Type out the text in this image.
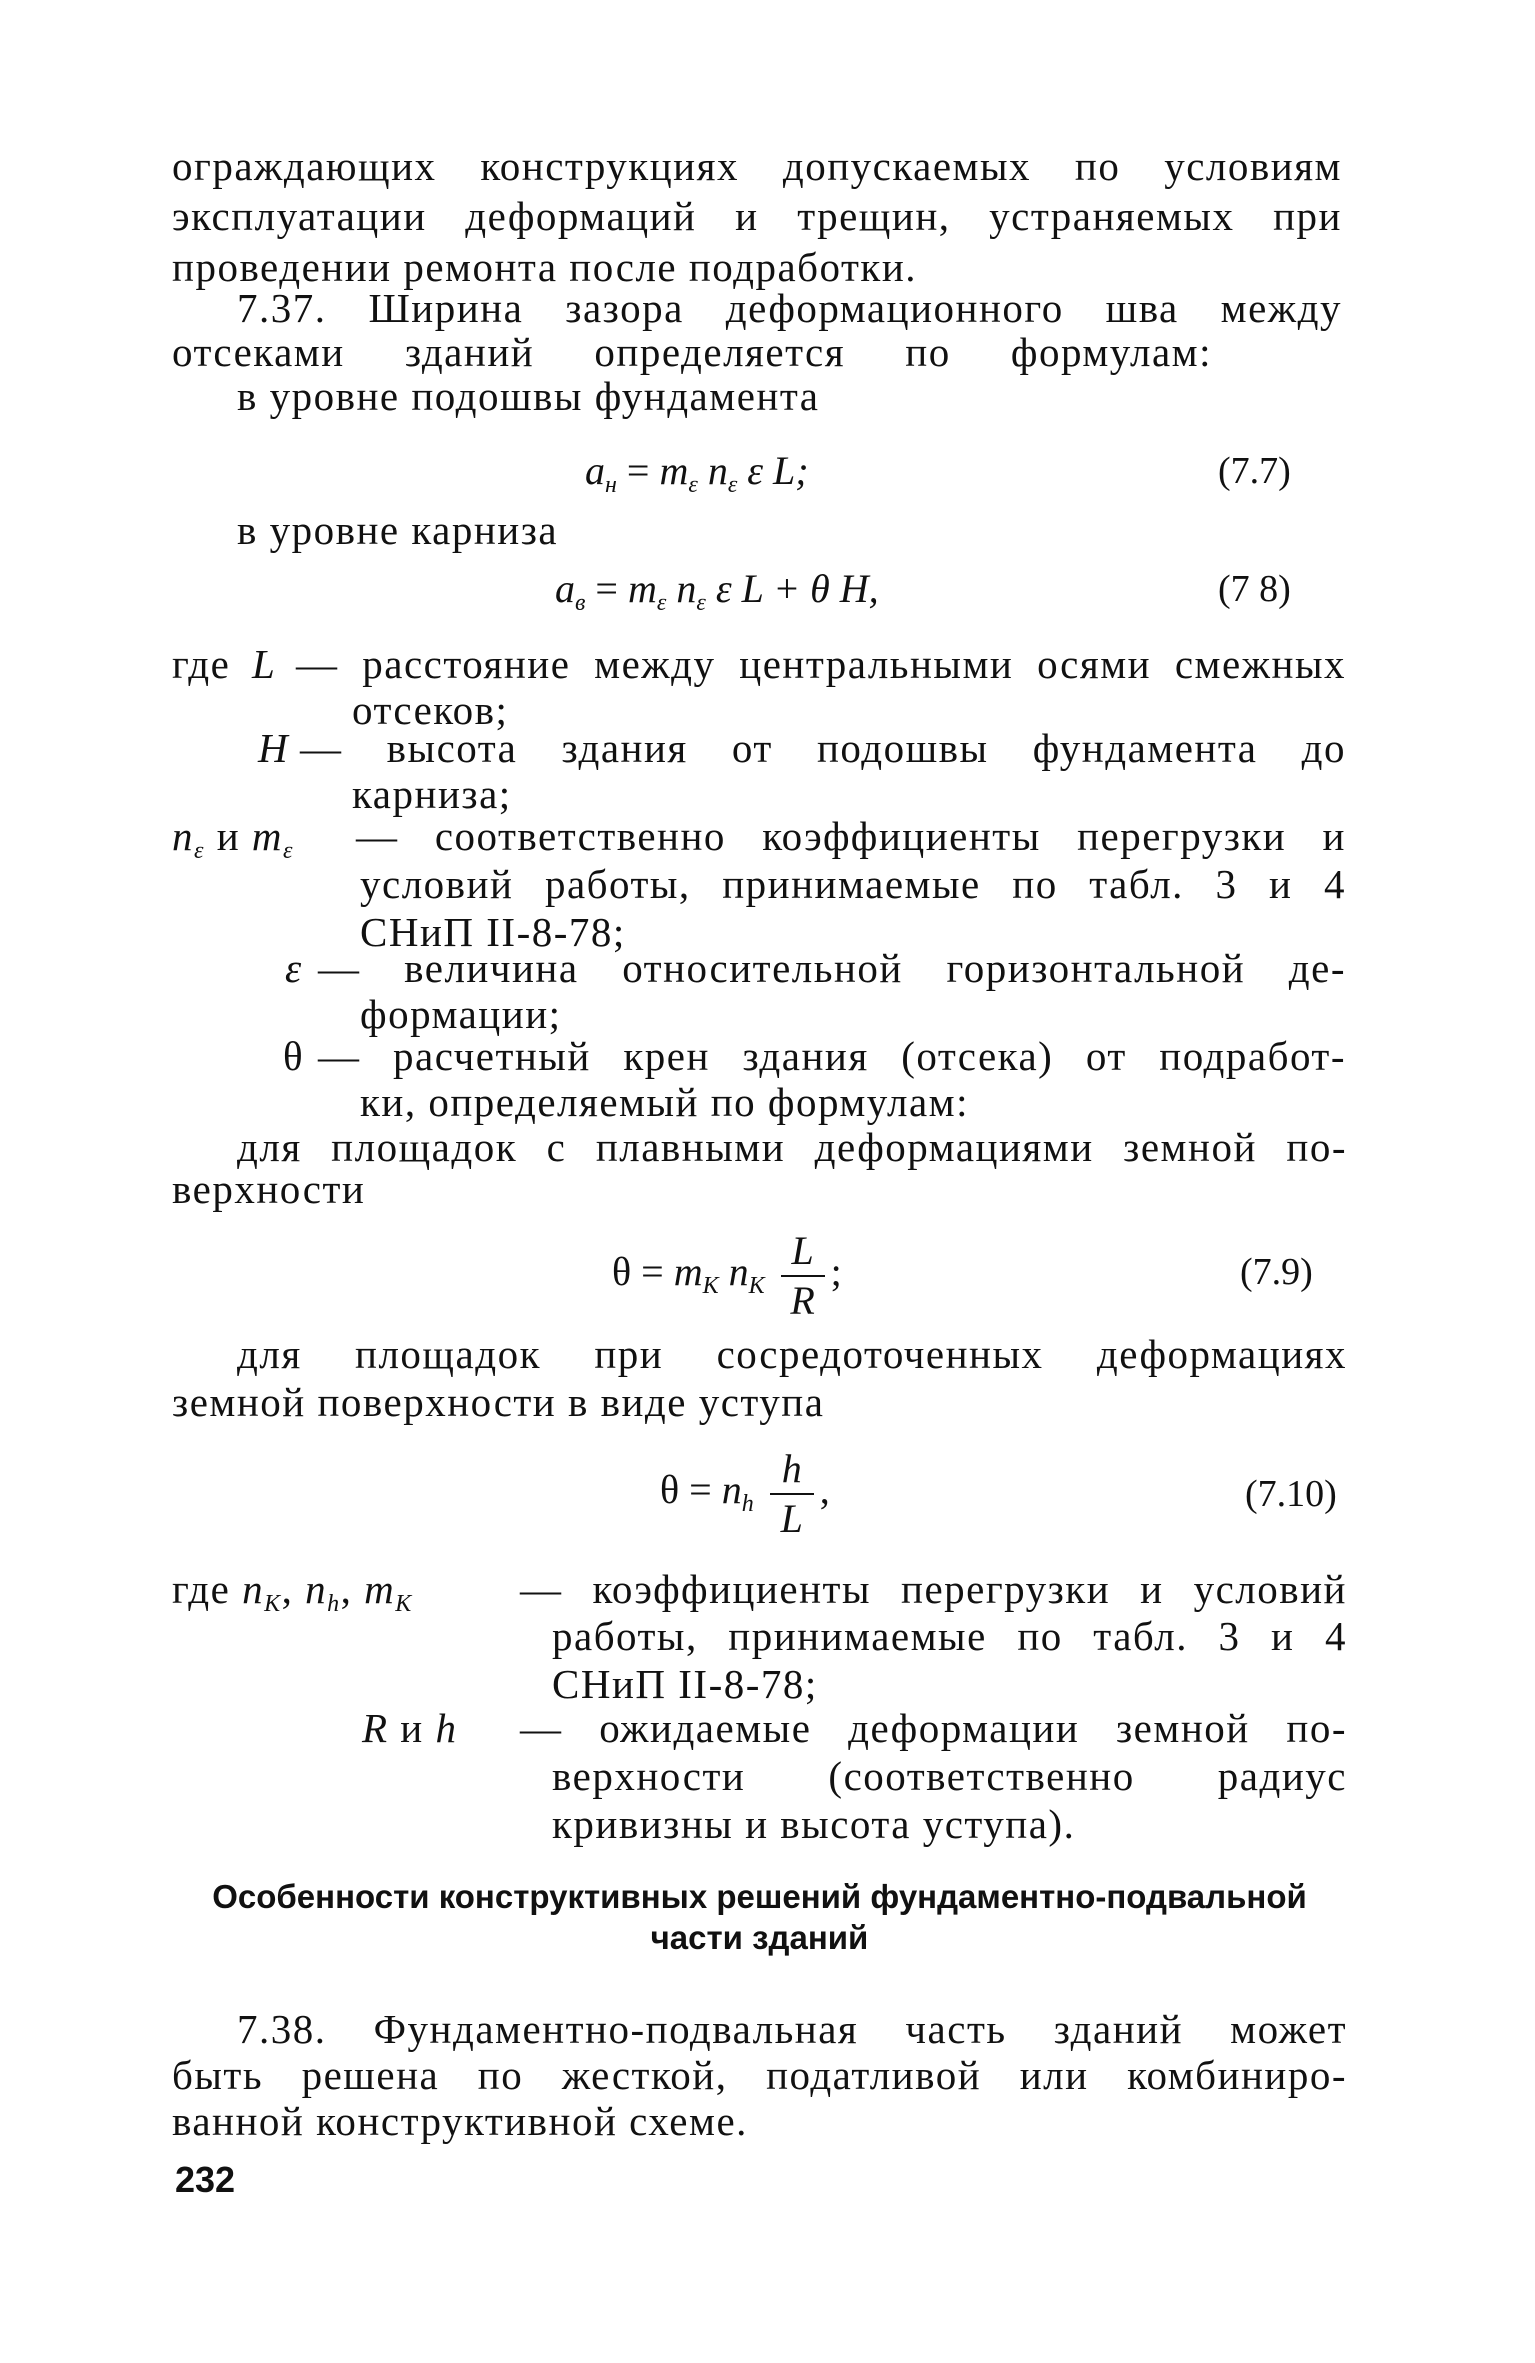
ограждающих конструкциях допускаемых по условиям
эксплуатации деформаций и трещин, устраняемых при
проведении ремонта после подработки.
7.37. Ширина зазора деформационного шва между
отсеками зданий определяется по формулам:
в уровне подошвы фундамента
$a_н = m_\varepsilon$ $n_\varepsilon$ ε L;	(7.7)
в уровне карниза
$a_в = m_\varepsilon$ $n_\varepsilon$ ε L + θ H,	(7 8)
где L — расстояние между центральными осями смежных
отсеков;
H — высота здания от подошвы фундамента до
карниза;
$n_\varepsilon$ и $m_\varepsilon$ — соответственно коэффициенты перегрузки и
условий работы, принимаемые по табл. 3 и 4
СНиП II-8-78;
ε — величина относительной горизонтальной де-
формации;
θ — расчетный крен здания (отсека) от подработ-
ки, определяемый по формулам:
для площадок с плавными деформациями земной по-
верхности
$\theta = m_K$ $n_K \frac{L}{R}$ ;	(7.9)
для площадок при сосредоточенных деформациях
земной поверхности в виде уступа
$\theta = n_h \frac{h}{L}$ ,	(7.10)
где $n_K$, $n_h$, $m_K$	— коэффициенты перегрузки и условий
работы, принимаемые по табл. 3 и 4
СНиП II-8-78;
R и h — ожидаемые деформации земной по-
верхности (соответственно радиус
кривизны и высота уступа).
Особенности конструктивных решений фундаментно-подвальной
части зданий
7.38. Фундаментно-подвальная часть зданий может
быть решена по жесткой, податливой или комбиниро-
ванной конструктивной схеме.
232
